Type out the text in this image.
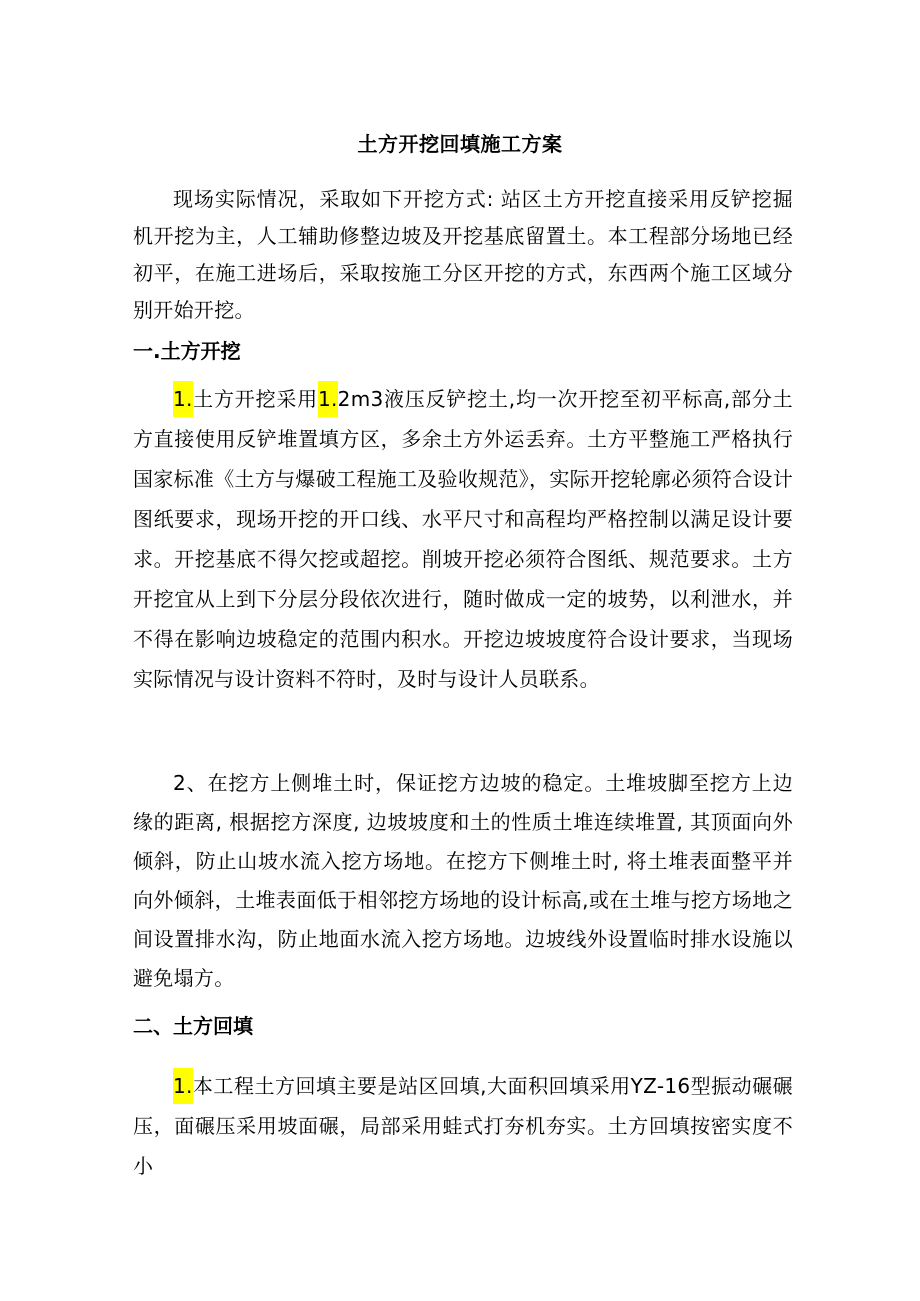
土方开挖回填施工方案
现场实际情况，采取如下开挖方式: 站区土方开挖直接采用反铲挖掘机开挖为主，人工辅助修整边坡及开挖基底留置土。本工程部分场地已经初平，在施工进场后，采取按施工分区开挖的方式，东西两个施工区域分别开始开挖。
一.土方开挖
1.土方开挖采用1.2m3液压反铲挖土,均一次开挖至初平标高,部分土方直接使用反铲堆置填方区，多余土方外运丢弃。土方平整施工严格执行国家标准《土方与爆破工程施工及验收规范》，实际开挖轮廓必须符合设计图纸要求，现场开挖的开口线、水平尺寸和高程均严格控制以满足设计要求。开挖基底不得欠挖或超挖。削坡开挖必须符合图纸、规范要求。土方开挖宜从上到下分层分段依次进行，随时做成一定的坡势，以利泄水，并不得在影响边坡稳定的范围内积水。开挖边坡坡度符合设计要求，当现场实际情况与设计资料不符时，及时与设计人员联系。
2、在挖方上侧堆土时，保证挖方边坡的稳定。土堆坡脚至挖方上边缘的距离, 根据挖方深度, 边坡坡度和土的性质土堆连续堆置, 其顶面向外倾斜，防止山坡水流入挖方场地。在挖方下侧堆土时, 将土堆表面整平并向外倾斜，土堆表面低于相邻挖方场地的设计标高,或在土堆与挖方场地之间设置排水沟，防止地面水流入挖方场地。边坡线外设置临时排水设施以避免塌方。
二、土方回填
1.本工程土方回填主要是站区回填,大面积回填采用YZ-16型振动碾碾压，面碾压采用坡面碾，局部采用蛙式打夯机夯实。土方回填按密实度不小
